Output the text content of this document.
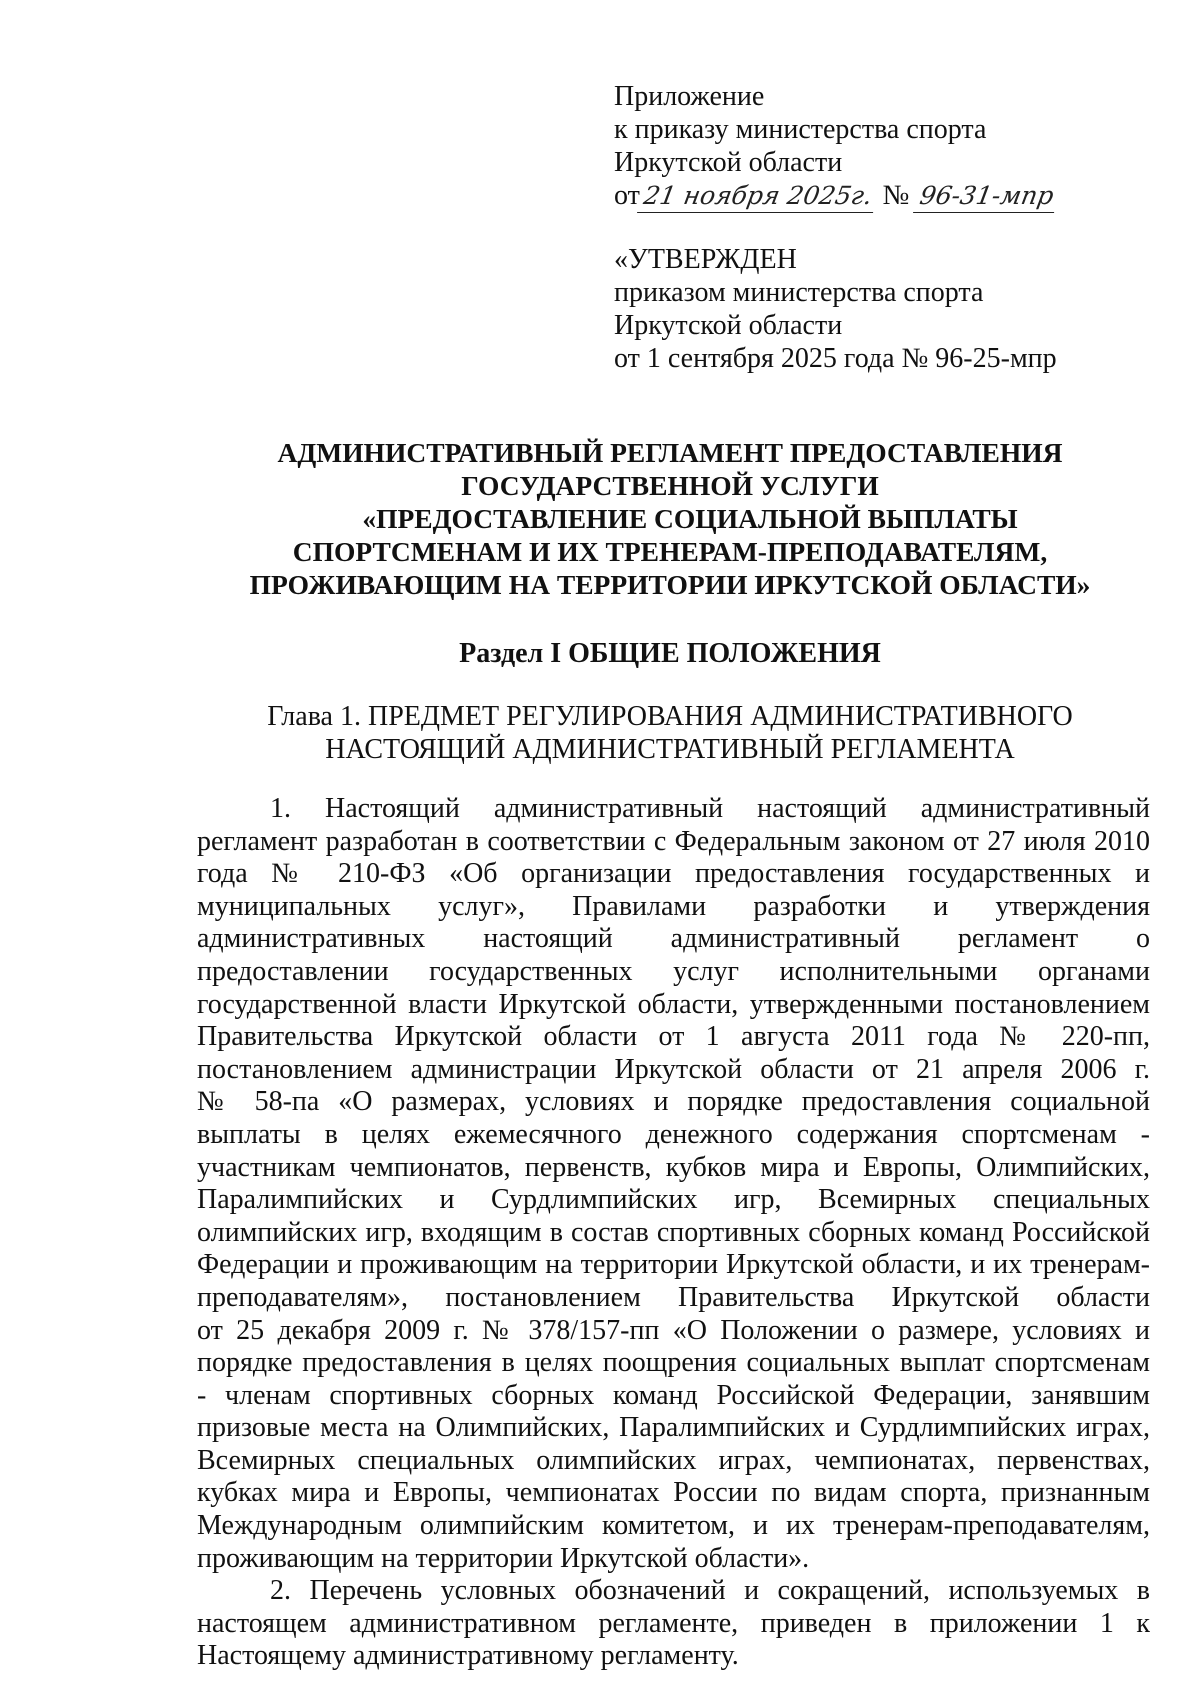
Приложение
к приказу министерства спорта
Иркутской области
от21 ноября 2025г. № 96-31-мпр
«УТВЕРЖДЕН
приказом министерства спорта
Иркутской области
от 1 сентября 2025 года № 96-25-мпр
АДМИНИСТРАТИВНЫЙ РЕГЛАМЕНТ ПРЕДОСТАВЛЕНИЯ
ГОСУДАРСТВЕННОЙ УСЛУГИ
«ПРЕДОСТАВЛЕНИЕ СОЦИАЛЬНОЙ ВЫПЛАТЫ
СПОРТСМЕНАМ И ИХ ТРЕНЕРАМ-ПРЕПОДАВАТЕЛЯМ,
ПРОЖИВАЮЩИМ НА ТЕРРИТОРИИ ИРКУТСКОЙ ОБЛАСТИ»
Раздел I ОБЩИЕ ПОЛОЖЕНИЯ
Глава 1. ПРЕДМЕТ РЕГУЛИРОВАНИЯ АДМИНИСТРАТИВНОГО
НАСТОЯЩИЙ АДМИНИСТРАТИВНЫЙ РЕГЛАМЕНТА

1. Настоящий административный настоящий административный
регламент разработан в соответствии с Федеральным законом от 27 июля 2010
года № 210-ФЗ «Об организации предоставления государственных и
муниципальных услуг», Правилами разработки и утверждения
административных настоящий административный регламент о
предоставлении государственных услуг исполнительными органами
государственной власти Иркутской области, утвержденными постановлением
Правительства Иркутской области от 1 августа 2011 года № 220-пп,
постановлением администрации Иркутской области от 21 апреля 2006 г.
№ 58-па «О размерах, условиях и порядке предоставления социальной
выплаты в целях ежемесячного денежного содержания спортсменам -
участникам чемпионатов, первенств, кубков мира и Европы, Олимпийских,
Паралимпийских и Сурдлимпийских игр, Всемирных специальных
олимпийских игр, входящим в состав спортивных сборных команд Российской
Федерации и проживающим на территории Иркутской области, и их тренерам-
преподавателям», постановлением Правительства Иркутской области
от 25 декабря 2009 г. № 378/157-пп «О Положении о размере, условиях и
порядке предоставления в целях поощрения социальных выплат спортсменам
- членам спортивных сборных команд Российской Федерации, занявшим
призовые места на Олимпийских, Паралимпийских и Сурдлимпийских играх,
Всемирных специальных олимпийских играх, чемпионатах, первенствах,
кубках мира и Европы, чемпионатах России по видам спорта, признанным
Международным олимпийским комитетом, и их тренерам-преподавателям,
проживающим на территории Иркутской области».

2. Перечень условных обозначений и сокращений, используемых в
настоящем административном регламенте, приведен в приложении 1 к
Настоящему административному регламенту.
